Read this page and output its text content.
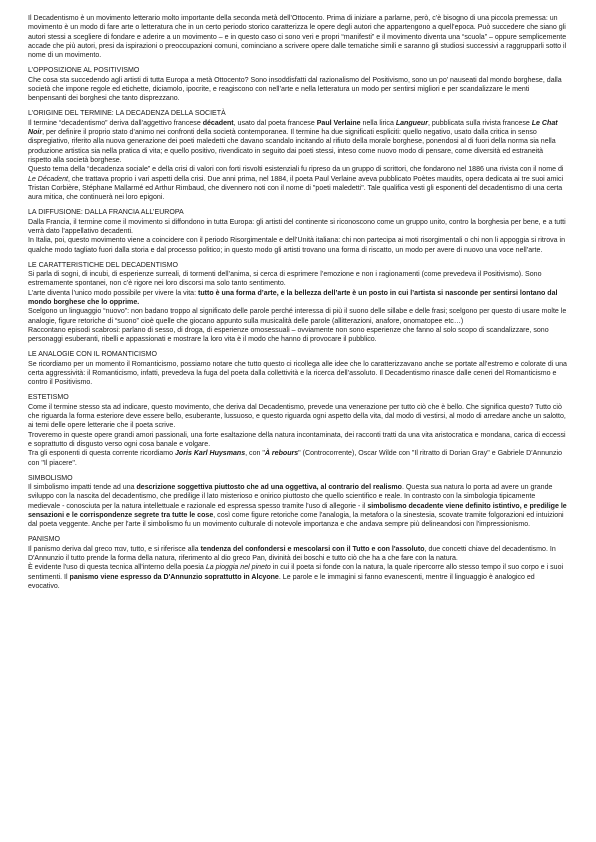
Il Decadentismo è un movimento letterario molto importante della seconda metà dell’Ottocento. Prima di iniziare a parlarne, però, c’è bisogno di una piccola premessa: un movimento è un modo di fare arte o letteratura che in un certo periodo storico caratterizza le opere degli autori che appartengono a quell’epoca. Può succedere che siano gli autori stessi a scegliere di fondare e aderire a un movimento – e in questo caso ci sono veri e propri “manifesti” e il movimento diventa una “scuola” – oppure semplicemente accade che più autori, presi da ispirazioni o preoccupazioni comuni, cominciano a scrivere opere dalle tematiche simili e saranno gli studiosi successivi a raggrupparli sotto il nome di un movimento.

L’OPPOSIZIONE AL POSITIVISMO

Che cosa sta succedendo agli artisti di tutta Europa a metà Ottocento? Sono insoddisfatti dal razionalismo del Positivismo, sono un po’ nauseati dal mondo borghese, dalla società che impone regole ed etichette, diciamolo, ipocrite, e reagiscono con nell’arte e nella letteratura un modo per sentirsi migliori e per scandalizzare le menti benpensanti dei borghesi che tanto disprezzano.

L’ORIGINE DEL TERMINE: LA DECADENZA DELLA SOCIETÀ

Il termine “decadentismo” deriva dall’aggettivo francese décadent, usato dal poeta francese Paul Verlaine nella lirica Langueur, pubblicata sulla rivista francese Le Chat Noir, per definire il proprio stato d’animo nei confronti della società contemporanea. Il termine ha due significati espliciti: quello negativo, usato dalla critica in senso dispregiativo, riferito alla nuova generazione dei poeti maledetti che davano scandalo incitando al rifiuto della morale borghese, ponendosi al di fuori della norma sia nella produzione artistica sia nella pratica di vita; e quello positivo, rivendicato in seguito dai poeti stessi, inteso come nuovo modo di pensare, come diversità ed estraneità rispetto alla società borghese.

Questo tema della “decadenza sociale” e della crisi di valori con forti risvolti esistenziali fu ripreso da un gruppo di scrittori, che fondarono nel 1886 una rivista con il nome di Le Décadent, che trattava proprio i vari aspetti della crisi. Due anni prima, nel 1884, il poeta Paul Verlaine aveva pubblicato Poètes maudits, opera dedicata ai tre suoi amici Tristan Corbière, Stéphane Mallarmé ed Arthur Rimbaud, che divennero noti con il nome di "poeti maledetti". Tale qualifica vesti gli esponenti del decadentismo di una certa aura mitica, che continuerà nei loro epigoni.

LA DIFFUSIONE: DALLA FRANCIA ALL’EUROPA

Dalla Francia, il termine come il movimento si diffondono in tutta Europa: gli artisti del continente si riconoscono come un gruppo unito, contro la borghesia per bene, e a tutti verrà dato l’appellativo decadenti.

In Italia, poi, questo movimento viene a coincidere con il periodo Risorgimentale e dell’Unità italiana: chi non partecipa ai moti risorgimentali o chi non li appoggia si ritrova in qualche modo tagliato fuori dalla storia e dal processo politico; in questo modo gli artisti trovano una forma di riscatto, un modo per avere di nuovo una voce nell’arte.

LE CARATTERISTICHE DEL DECADENTISMO

Si parla di sogni, di incubi, di esperienze surreali, di tormenti dell’anima, si cerca di esprimere l’emozione e non i ragionamenti (come prevedeva il Positivismo). Sono estremamente spontanei, non c’è rigore nei loro discorsi ma solo tanto sentimento.

L’arte diventa l’unico modo possibile per vivere la vita: tutto è una forma d’arte, e la bellezza dell’arte è un posto in cui l’artista si nasconde per sentirsi lontano dal mondo borghese che lo opprime.

Scelgono un linguaggio “nuovo”: non badano troppo al significato delle parole perché interessa di più il suono delle sillabe e delle frasi; scelgono per questo di usare molte le analogie, figure retoriche di “suono” cioè quelle che giocano appunto sulla musicalità delle parole (allitterazioni, anafore, onomatopee etc…)

Raccontano episodi scabrosi: parlano di sesso, di droga, di esperienze omosessuali – ovviamente non sono esperienze che fanno al solo scopo di scandalizzare, sono personaggi esuberanti, ribelli e appassionati e mostrare la loro vita è il modo che hanno di provocare il pubblico.

LE ANALOGIE CON IL ROMANTICISMO

Se ricordiamo per un momento il Romanticismo, possiamo notare che tutto questo ci ricollega alle idee che lo caratterizzavano anche se portate all’estremo e colorate di una certa aggressività: il Romanticismo, infatti, prevedeva la fuga del poeta dalla collettività e la ricerca dell’assoluto. Il Decadentismo rinasce dalle ceneri del Romanticismo e contro il Positivismo.

ESTETISMO

Come il termine stesso sta ad indicare, questo movimento, che deriva dal Decadentismo, prevede una venerazione per tutto ciò che è bello. Che significa questo? Tutto ciò che riguarda la forma esteriore deve essere bello, esuberante, lussuoso, e questo riguarda ogni aspetto della vita, dal modo di vestirsi, al modo di arredare anche un salotto, ai temi delle opere letterarie che il poeta scrive.

Troveremo in queste opere grandi amori passionali, una forte esaltazione della natura incontaminata, dei racconti tratti da una vita aristocratica e mondana, carica di eccessi e soprattutto di disgusto verso ogni cosa banale e volgare.

Tra gli esponenti di questa corrente ricordiamo Joris Karl Huysmans, con "À rebours" (Controcorrente), Oscar Wilde con "Il ritratto di Dorian Gray" e Gabriele D'Annunzio con "Il piacere".

SIMBOLISMO

Il simbolismo impatti tende ad una descrizione soggettiva piuttosto che ad una oggettiva, al contrario del realismo. Questa sua natura lo porta ad avere un grande sviluppo con la nascita del decadentismo, che predilige il lato misterioso e onirico piuttosto che quello scientifico e reale. In contrasto con la simbologia tipicamente medievale - conosciuta per la natura intellettuale e razionale ed espressa spesso tramite l'uso di allegorie - il simbolismo decadente viene definito istintivo, e predilige le sensazioni e le corrispondenze segrete tra tutte le cose, così come figure retoriche come l'analogia, la metafora o la sinestesia, scovate tramite folgorazioni ed intuizioni dal poeta veggente. Anche per l'arte il simbolismo fu un movimento culturale di notevole importanza e che andava sempre più delineandosi con l'impressionismo.

PANISMO

Il panismo deriva dal greco παν, tutto, e si riferisce alla tendenza del confondersi e mescolarsi con il Tutto e con l'assoluto, due concetti chiave del decadentismo. In D'Annunzio il tutto prende la forma della natura, riferimento al dio greco Pan, divinità dei boschi e tutto ciò che ha a che fare con la natura.

È evidente l'uso di questa tecnica all'interno della poesia La pioggia nel pineto in cui il poeta si fonde con la natura, la quale ripercorre allo stesso tempo il suo corpo e i suoi sentimenti. Il panismo viene espresso da D'Annunzio soprattutto in Alcyone. Le parole e le immagini si fanno evanescenti, mentre il linguaggio è analogico ed evocativo.
